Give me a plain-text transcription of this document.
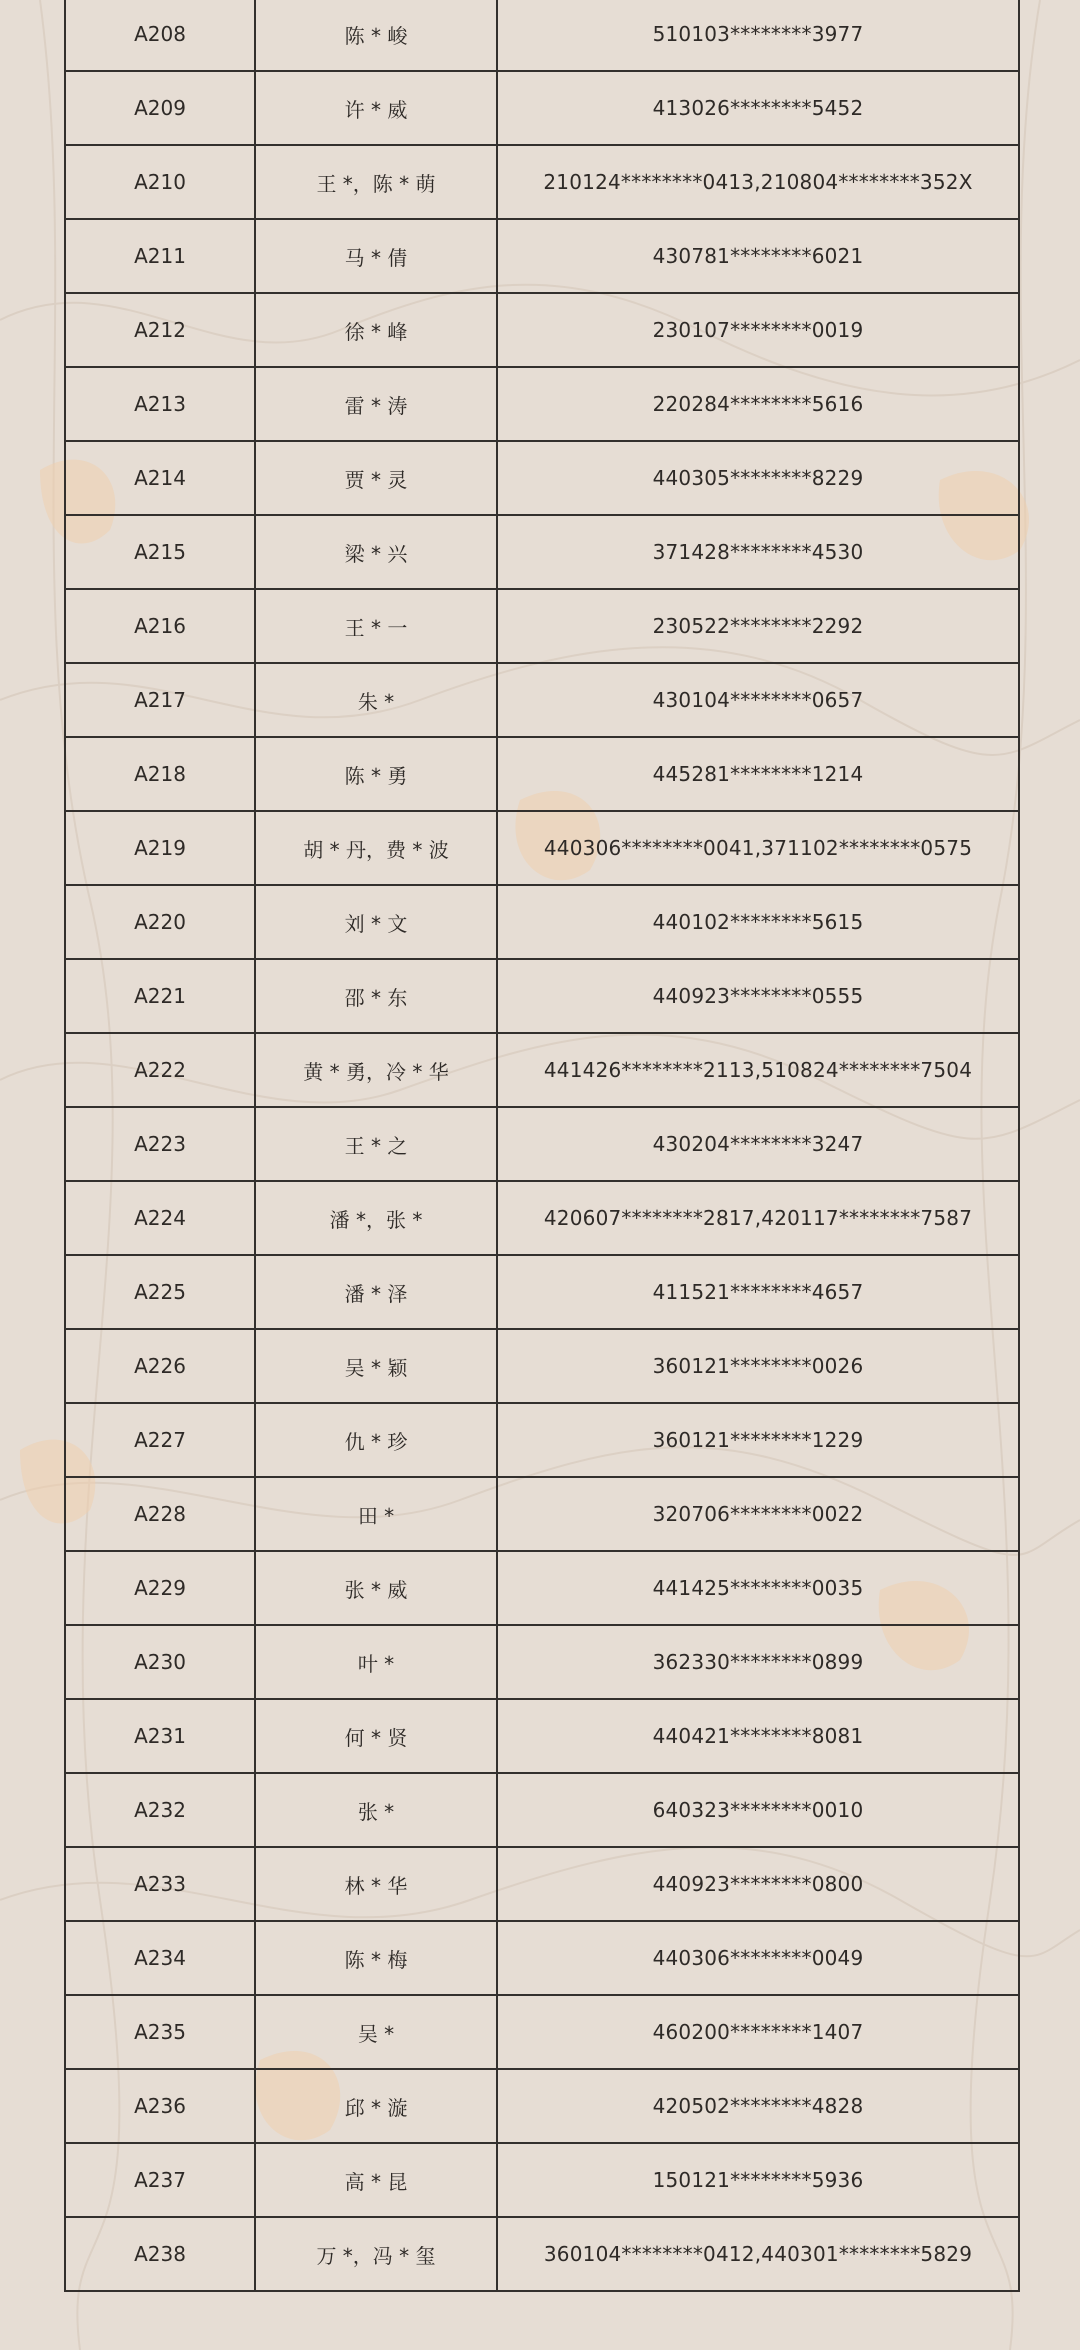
A208	陈 * 峻	510103********3977
A209	许 * 威	413026********5452
A210	王 *，陈 * 萌	210124********0413,210804********352X
A211	马 * 倩	430781********6021
A212	徐 * 峰	230107********0019
A213	雷 * 涛	220284********5616
A214	贾 * 灵	440305********8229
A215	梁 * 兴	371428********4530
A216	王 * 一	230522********2292
A217	朱 *	430104********0657
A218	陈 * 勇	445281********1214
A219	胡 * 丹，费 * 波	440306********0041,371102********0575
A220	刘 * 文	440102********5615
A221	邵 * 东	440923********0555
A222	黄 * 勇，冷 * 华	441426********2113,510824********7504
A223	王 * 之	430204********3247
A224	潘 *，张 *	420607********2817,420117********7587
A225	潘 * 泽	411521********4657
A226	吴 * 颖	360121********0026
A227	仇 * 珍	360121********1229
A228	田 *	320706********0022
A229	张 * 威	441425********0035
A230	叶 *	362330********0899
A231	何 * 贤	440421********8081
A232	张 *	640323********0010
A233	林 * 华	440923********0800
A234	陈 * 梅	440306********0049
A235	吴 *	460200********1407
A236	邱 * 漩	420502********4828
A237	高 * 昆	150121********5936
A238	万 *，冯 * 玺	360104********0412,440301********5829
